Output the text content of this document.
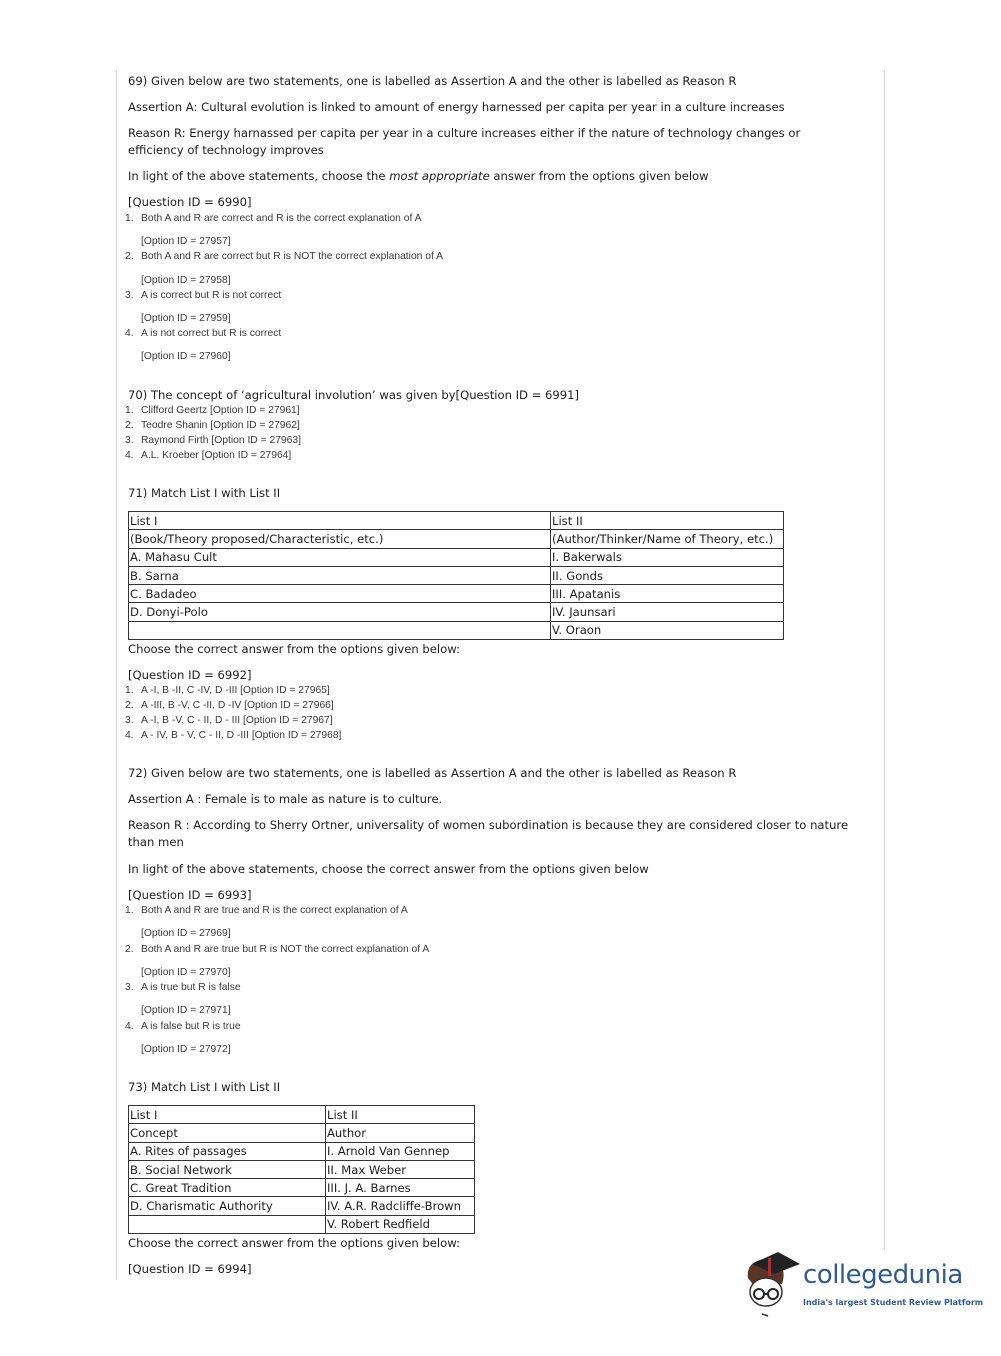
69) Given below are two statements, one is labelled as Assertion A and the other is labelled as Reason R
Assertion A: Cultural evolution is linked to amount of energy harnessed per capita per year in a culture increases
Reason R: Energy harnassed per capita per year in a culture increases either if the nature of technology changes or
efficiency of technology improves
In light of the above statements, choose the most appropriate answer from the options given below
[Question ID = 6990]
1. Both A and R are correct and R is the correct explanation of A
[Option ID = 27957]
2. Both A and R are correct but R is NOT the correct explanation of A
[Option ID = 27958]
3. A is correct but R is not correct
[Option ID = 27959]
4. A is not correct but R is correct
[Option ID = 27960]
70) The concept of ‘agricultural involution’ was given by[Question ID = 6991]
1. Clifford Geertz [Option ID = 27961]
2. Teodre Shanin [Option ID = 27962]
3. Raymond Firth [Option ID = 27963]
4. A.L. Kroeber [Option ID = 27964]
71) Match List I with List II
List I	List II
(Book/Theory proposed/Characteristic, etc.)	(Author/Thinker/Name of Theory, etc.)
A. Mahasu Cult	I. Bakerwals
B. Sarna	II. Gonds
C. Badadeo	III. Apatanis
D. Donyi-Polo	IV. Jaunsari
	V. Oraon
Choose the correct answer from the options given below:
[Question ID = 6992]
1. A -I, B -II, C -IV, D -III [Option ID = 27965]
2. A -III, B -V, C -II, D -IV [Option ID = 27966]
3. A -I, B -V, C - II, D - III [Option ID = 27967]
4. A - IV, B - V, C - II, D -III [Option ID = 27968]
72) Given below are two statements, one is labelled as Assertion A and the other is labelled as Reason R
Assertion A : Female is to male as nature is to culture.
Reason R : According to Sherry Ortner, universality of women subordination is because they are considered closer to nature
than men
In light of the above statements, choose the correct answer from the options given below
[Question ID = 6993]
1. Both A and R are true and R is the correct explanation of A
[Option ID = 27969]
2. Both A and R are true but R is NOT the correct explanation of A
[Option ID = 27970]
3. A is true but R is false
[Option ID = 27971]
4. A is false but R is true
[Option ID = 27972]
73) Match List I with List II
List I	List II
Concept	Author
A. Rites of passages	I. Arnold Van Gennep
B. Social Network	II. Max Weber
C. Great Tradition	III. J. A. Barnes
D. Charismatic Authority	IV. A.R. Radcliffe-Brown
	V. Robert Redfield
Choose the correct answer from the options given below:
[Question ID = 6994]	collegedunia
India's largest Student Review Platform
